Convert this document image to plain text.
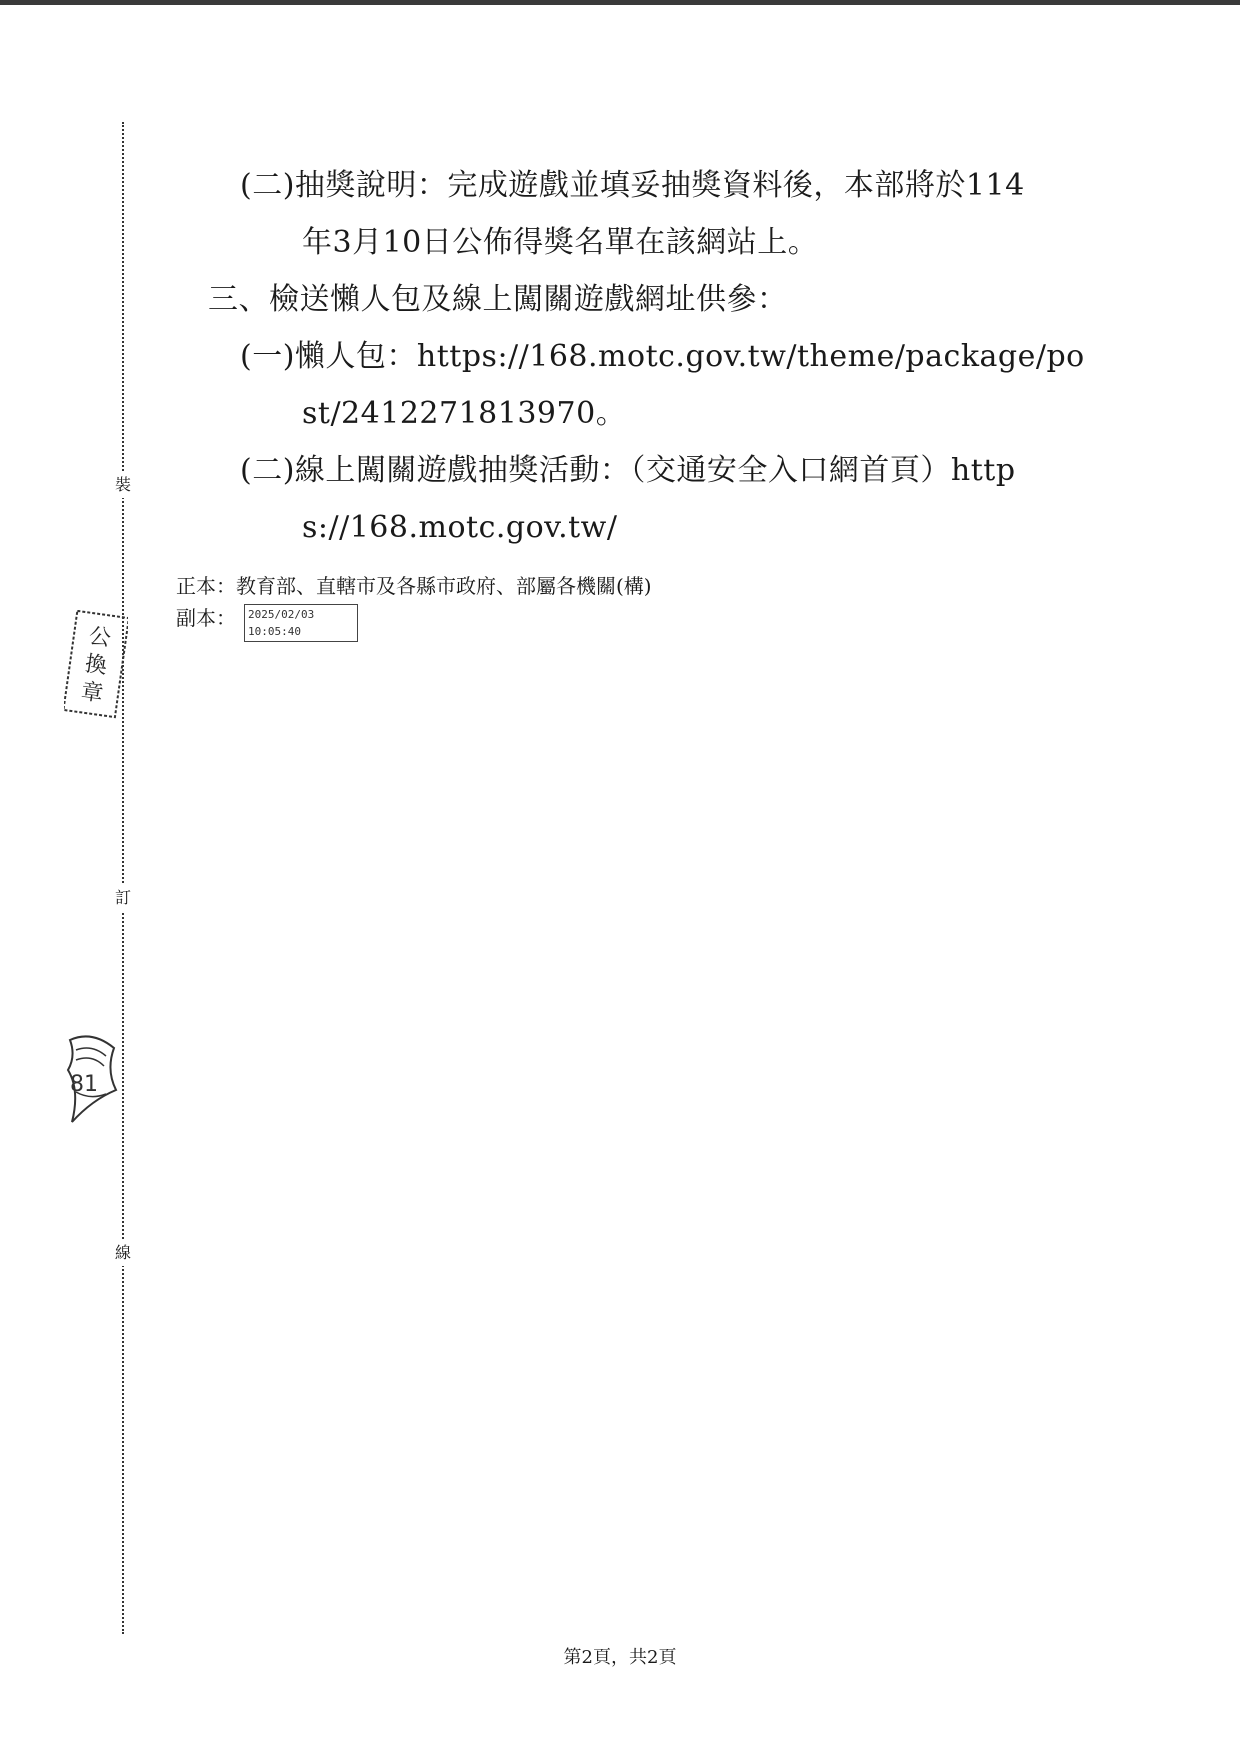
裝
訂
線
公
換
章
81
(二)抽獎說明：完成遊戲並填妥抽獎資料後，本部將於114
年3月10日公佈得獎名單在該網站上。
三、檢送懶人包及線上闖關遊戲網址供參：
(一)懶人包：https://168.motc.gov.tw/theme/package/po
st/2412271813970。
(二)線上闖關遊戲抽獎活動：（交通安全入口網首頁）http
s://168.motc.gov.tw/
正本：教育部、直轄市及各縣市政府、部屬各機關(構)
副本： 2025/02/03
10:05:40
第2頁，共2頁
